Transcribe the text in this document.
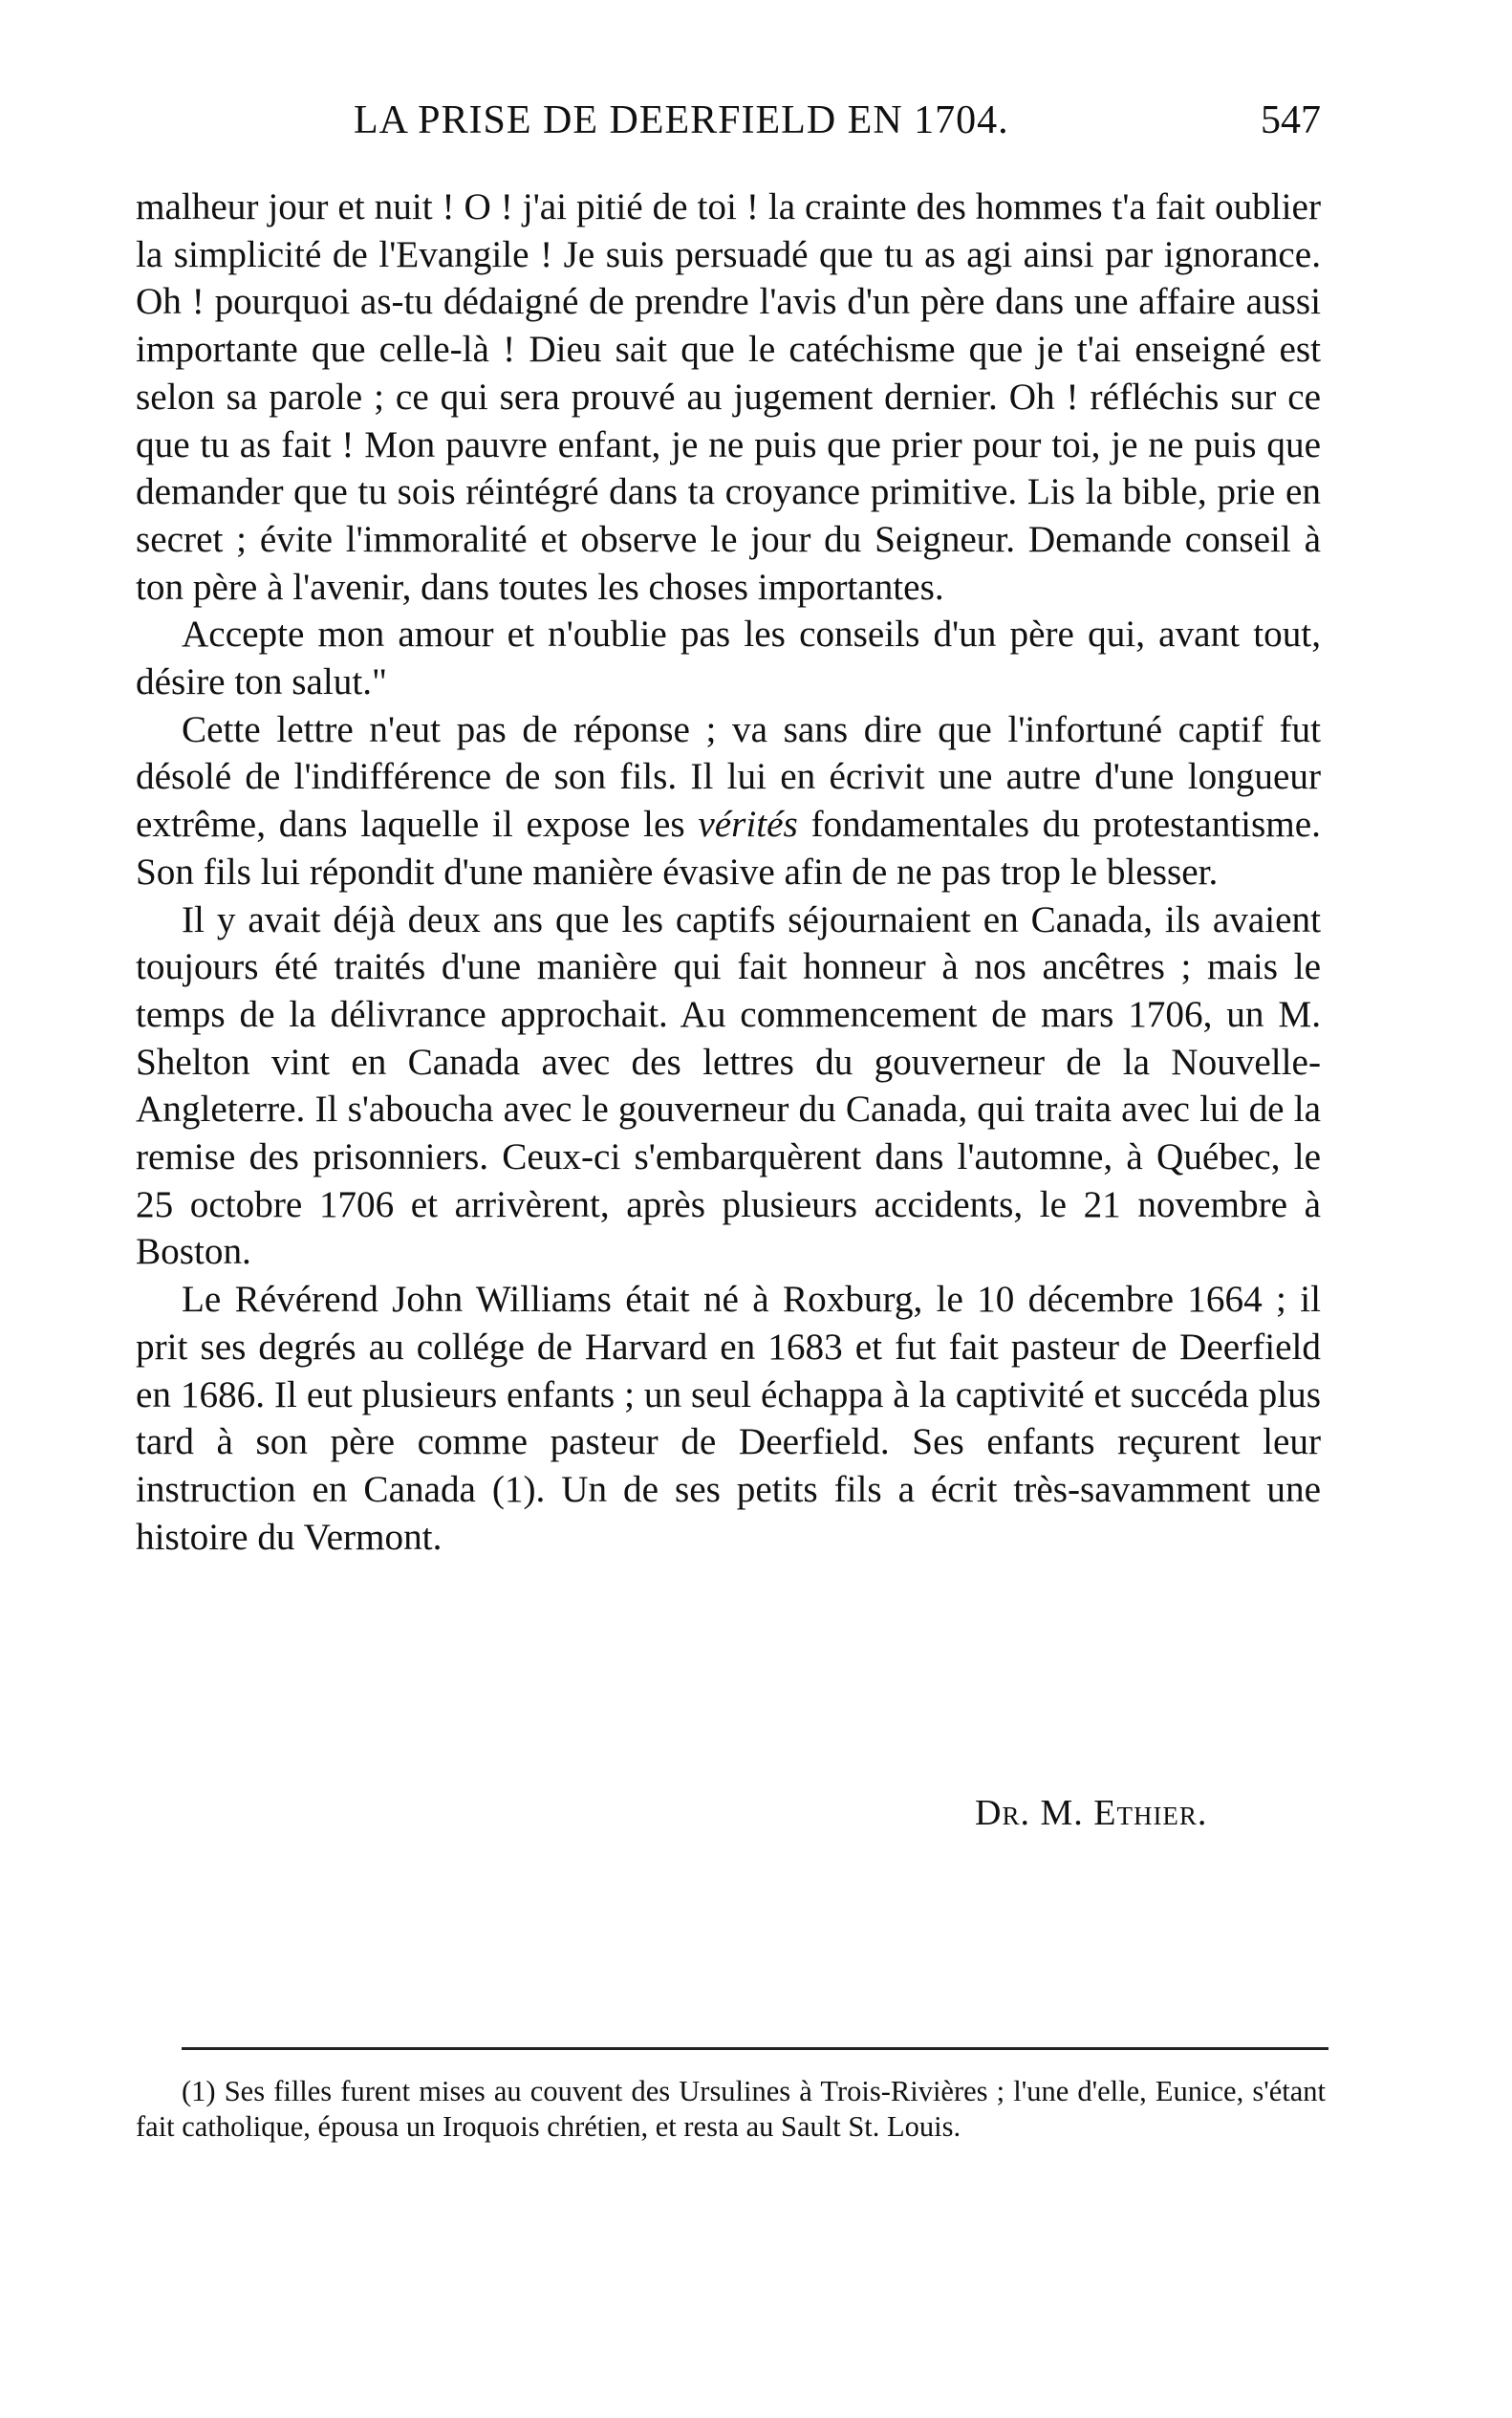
LA PRISE DE DEERFIELD EN 1704.	547

malheur jour et nuit ! O ! j'ai pitié de toi ! la crainte des hommes t'a fait oublier la simplicité de l'Evangile ! Je suis persuadé que tu as agi ainsi par ignorance. Oh ! pourquoi as-tu dédaigné de prendre l'avis d'un père dans une affaire aussi importante que celle-là ! Dieu sait que le catéchisme que je t'ai enseigné est selon sa parole ; ce qui sera prouvé au jugement dernier. Oh ! réfléchis sur ce que tu as fait ! Mon pauvre enfant, je ne puis que prier pour toi, je ne puis que demander que tu sois réintégré dans ta croyance primitive. Lis la bible, prie en secret ; évite l'immoralité et observe le jour du Seigneur. Demande conseil à ton père à l'avenir, dans toutes les choses importantes.

Accepte mon amour et n'oublie pas les conseils d'un père qui, avant tout, désire ton salut."

Cette lettre n'eut pas de réponse ; va sans dire que l'infortuné captif fut désolé de l'indifférence de son fils. Il lui en écrivit une autre d'une longueur extrême, dans laquelle il expose les vérités fondamentales du protestantisme. Son fils lui répondit d'une manière évasive afin de ne pas trop le blesser.

Il y avait déjà deux ans que les captifs séjournaient en Canada, ils avaient toujours été traités d'une manière qui fait honneur à nos ancêtres ; mais le temps de la délivrance approchait. Au commencement de mars 1706, un M. Shelton vint en Canada avec des lettres du gouverneur de la Nouvelle-Angleterre. Il s'aboucha avec le gouverneur du Canada, qui traita avec lui de la remise des prisonniers. Ceux-ci s'embarquèrent dans l'automne, à Québec, le 25 octobre 1706 et arrivèrent, après plusieurs accidents, le 21 novembre à Boston.

Le Révérend John Williams était né à Roxburg, le 10 décembre 1664 ; il prit ses degrés au collége de Harvard en 1683 et fut fait pasteur de Deerfield en 1686. Il eut plusieurs enfants ; un seul échappa à la captivité et succéda plus tard à son père comme pasteur de Deerfield. Ses enfants reçurent leur instruction en Canada (1). Un de ses petits fils a écrit très-savamment une histoire du Vermont.

Dr. M. Ethier.

(1) Ses filles furent mises au couvent des Ursulines à Trois-Rivières ; l'une d'elle, Eunice, s'étant fait catholique, épousa un Iroquois chrétien, et resta au Sault St. Louis.
